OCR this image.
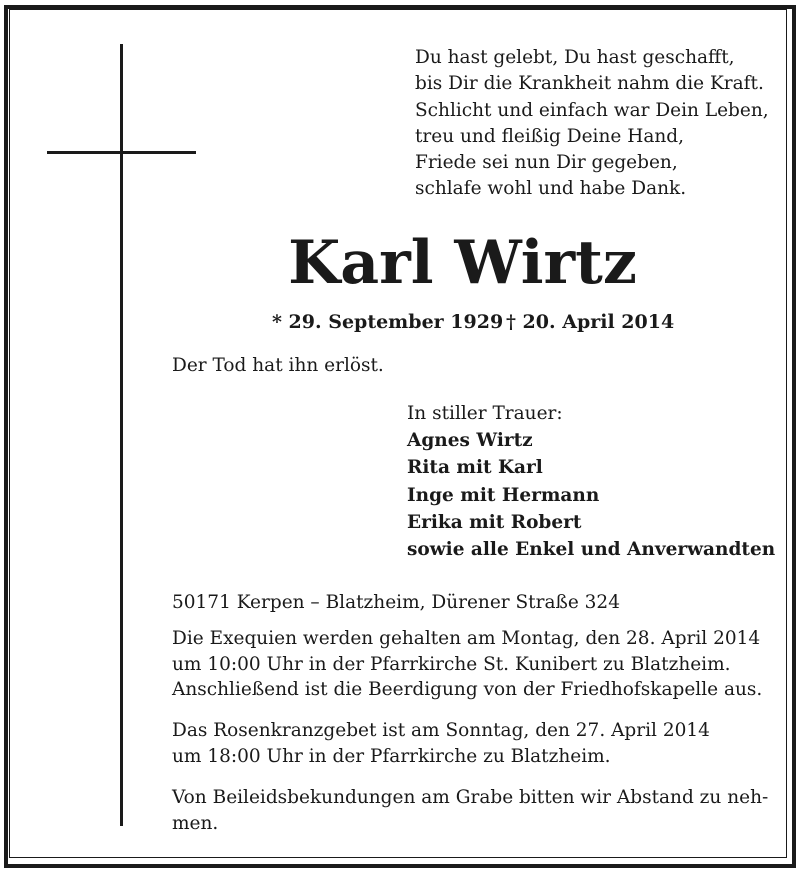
Du hast gelebt, Du hast geschafft,
bis Dir die Krankheit nahm die Kraft.
Schlicht und einfach war Dein Leben,
treu und fleißig Deine Hand,
Friede sei nun Dir gegeben,
schlafe wohl und habe Dank.
Karl Wirtz
* 29. September 1929 † 20. April 2014
Der Tod hat ihn erlöst.
In stiller Trauer:
Agnes Wirtz
Rita mit Karl
Inge mit Hermann
Erika mit Robert
sowie alle Enkel und Anverwandten
50171 Kerpen – Blatzheim, Dürener Straße 324
Die Exequien werden gehalten am Montag, den 28. April 2014
um 10:00 Uhr in der Pfarrkirche St. Kunibert zu Blatzheim.
Anschließend ist die Beerdigung von der Friedhofskapelle aus.
Das Rosenkranzgebet ist am Sonntag, den 27. April 2014
um 18:00 Uhr in der Pfarrkirche zu Blatzheim.
Von Beileidsbekundungen am Grabe bitten wir Abstand zu neh-
men.
